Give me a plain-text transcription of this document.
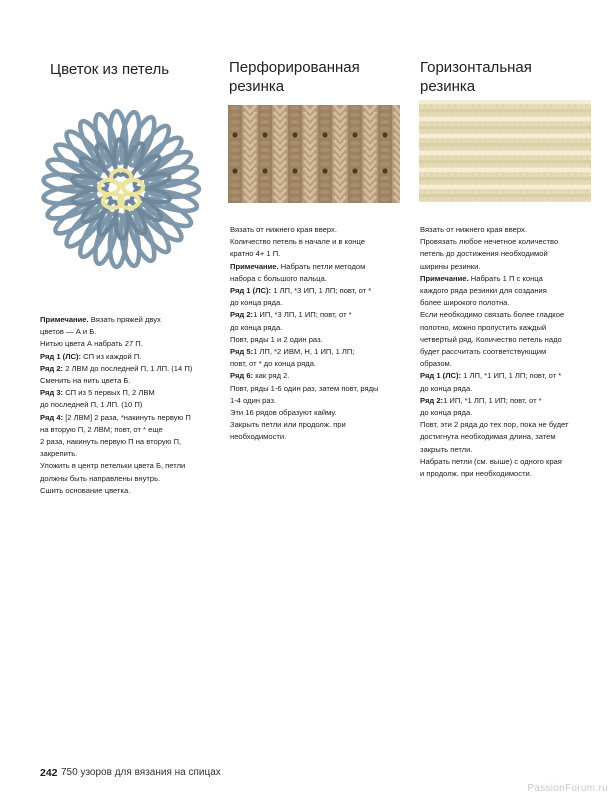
Цветок из петель
Примечание. Вязать пряжей двух
цветов — А и Б.
Нитью цвета А набрать 27 П.
Ряд 1 (ЛС): СП из каждой П.
Ряд 2: 2 ЛВМ до последней П, 1 ЛП. (14 П)
Сменить на нить цвета Б.
Ряд 3: СП из 5 первых П, 2 ЛВМ
до последней П, 1 ЛП. (10 П)
Ряд 4: [2 ЛВМ] 2 раза, *накинуть первую П
на вторую П, 2 ЛВМ; повт, от * еще
2 раза, накинуть первую П на вторую П,
закрепить.
Уложить в центр петельки цвета Б, петли
должны быть направлены внутрь.
Сшить основание цветка.
Перфорированная
резинка
Вязать от нижнего края вверх.
Количество петель в начале и в конце
кратно 4+ 1 П.
Примечание. Набрать петли методом
набора с большого пальца.
Ряд 1 (ЛС): 1 ЛП, *3 ИП, 1 ЛП; повт, от *
до конца ряда.
Ряд 2:1 ИП, *3 ЛП, 1 ИП; повт, от *
до конца ряда.
Повт, ряды 1 и 2 один раз.
Ряд 5:1 ЛП, *2 ИВМ, Н, 1 ИП, 1 ЛП;
повт, от * до конца ряда.
Ряд 6: как ряд 2.
Повт, ряды 1-6 один раз, затем повт, ряды
1-4 один раз.
Эти 16 рядов образуют кайму.
Закрыть петли или продолж. при
необходимости.
Горизонтальная
резинка
Вязать от нижнего края вверх.
Провязать любое нечетное количество
петель до достижения необходимой
ширины резинки.
Примечание. Набрать 1 П с конца
каждого ряда резинки для создания
более широкого полотна.
Если необходимо связать более гладкое
полотно, можно пропустить каждый
четвертый ряд. Количество петель надо
будет рассчитать соответствующим
образом.
Ряд 1 (ЛС): 1 ЛП, *1 ИП, 1 ЛП; повт, от *
до конца ряда.
Ряд 2:1 ИП, *1 ЛП, 1 ИП; повт, от *
до конца ряда.
Повт, эти 2 ряда до тех пор, пока не будет
достигнута необходимая длина, затем
закрыть петли.
Набрать петли (см. выше) с одного края
и продолж. при необходимости.
242 750 узоров для вязания на спицах
PassionForum.ru
